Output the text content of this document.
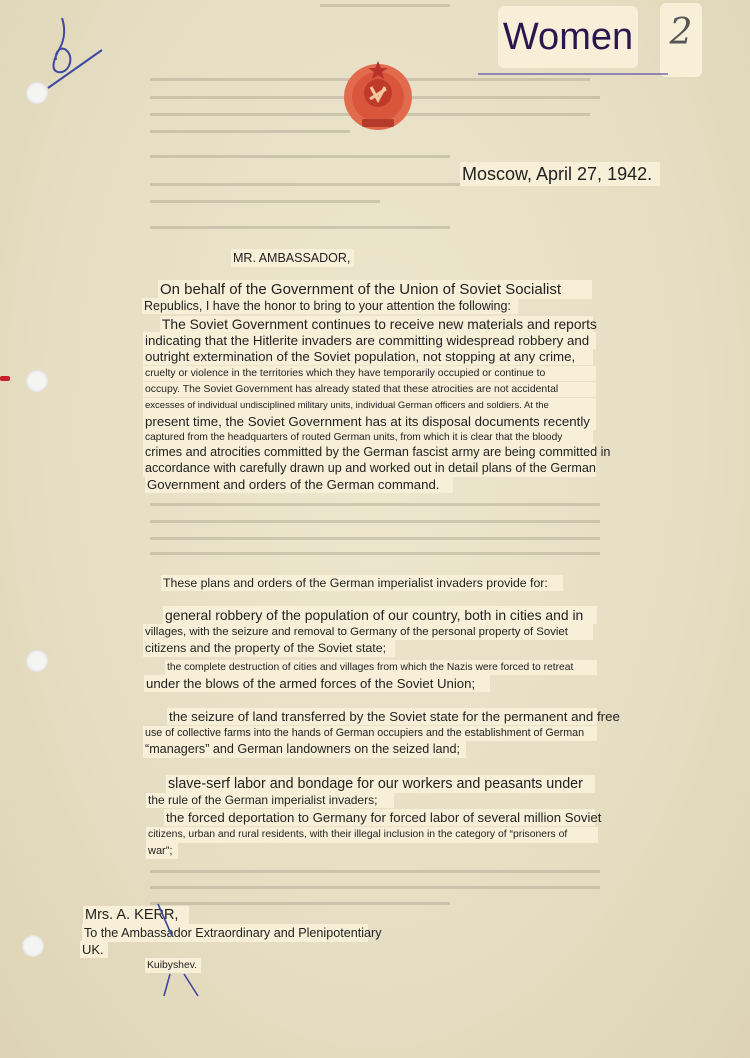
Women 2
Moscow, April 27, 1942.
MR. AMBASSADOR,
On behalf of the Government of the Union of Soviet Socialist
Republics, I have the honor to bring to your attention the following:
The Soviet Government continues to receive new materials and reports
indicating that the Hitlerite invaders are committing widespread robbery and
outright extermination of the Soviet population, not stopping at any crime,
cruelty or violence in the territories which they have temporarily occupied or continue to
occupy. The Soviet Government has already stated that these atrocities are not accidental
excesses of individual undisciplined military units, individual German officers and soldiers. At the
present time, the Soviet Government has at its disposal documents recently
captured from the headquarters of routed German units, from which it is clear that the bloody
crimes and atrocities committed by the German fascist army are being committed in
accordance with carefully drawn up and worked out in detail plans of the German
Government and orders of the German command.
These plans and orders of the German imperialist invaders provide for:
general robbery of the population of our country, both in cities and in
villages, with the seizure and removal to Germany of the personal property of Soviet
citizens and the property of the Soviet state;
the complete destruction of cities and villages from which the Nazis were forced to retreat
under the blows of the armed forces of the Soviet Union;
the seizure of land transferred by the Soviet state for the permanent and free
use of collective farms into the hands of German occupiers and the establishment of German
“managers” and German landowners on the seized land;
slave-serf labor and bondage for our workers and peasants under
the rule of the German imperialist invaders;
the forced deportation to Germany for forced labor of several million Soviet
citizens, urban and rural residents, with their illegal inclusion in the category of “prisoners of
war”;
Mrs. A. KERR,
To the Ambassador Extraordinary and Plenipotentiary
UK.
Kuibyshev.
